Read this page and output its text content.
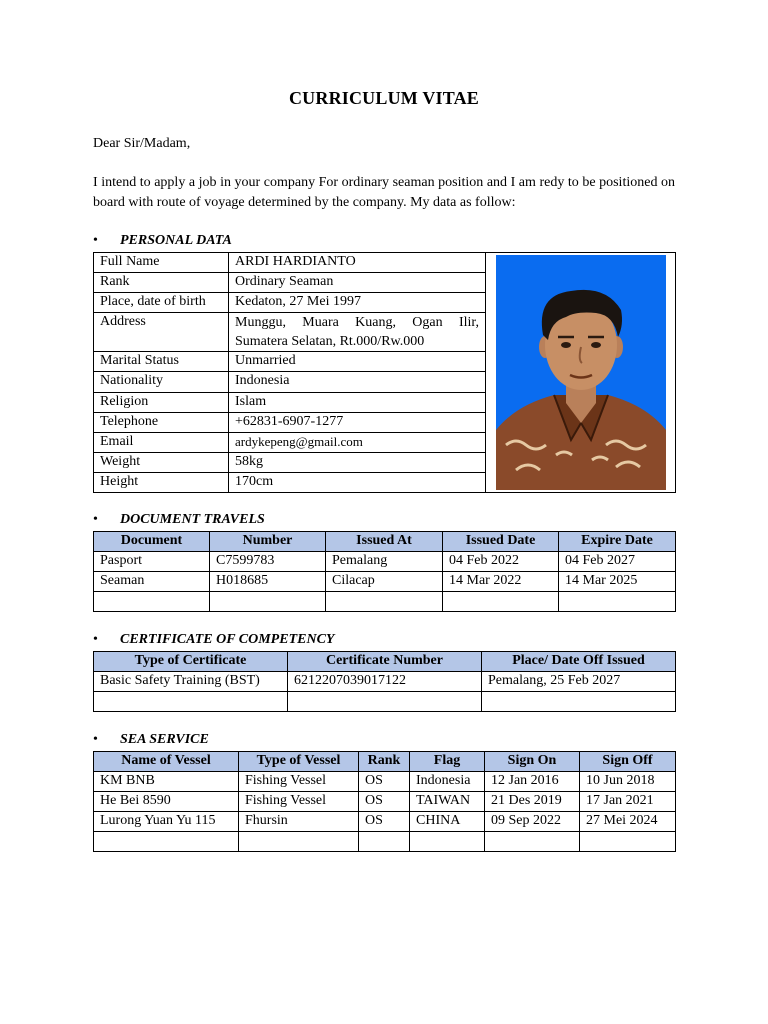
CURRICULUM VITAE
Dear Sir/Madam,
I intend to apply a job in your company For ordinary seaman position and I am redy to be positioned on board with route of voyage determined by the company. My data as follow:
• PERSONAL DATA
Full Name	ARDI HARDIANTO	

Rank	Ordinary Seaman	
Place, date of birth	Kedaton, 27 Mei 1997	
Address	Munggu, Muara Kuang, Ogan Ilir, Sumatera Selatan, Rt.000/Rw.000	
Marital Status	Unmarried	
Nationality	Indonesia	
Religion	Islam	
Telephone	+62831-6907-1277	
Email	ardykepeng@gmail.com	
Weight	58kg	
Height	170cm	
• DOCUMENT TRAVELS
Document	Number	Issued At	Issued Date	Expire Date
Pasport	C7599783	Pemalang	04 Feb 2022	04 Feb 2027
Seaman	H018685	Cilacap	14 Mar 2022	14 Mar 2025

• CERTIFICATE OF COMPETENCY
Type of Certificate	Certificate Number	Place/ Date Off Issued
Basic Safety Training (BST)	6212207039017122	Pemalang, 25 Feb 2027

• SEA SERVICE
Name of Vessel	Type of Vessel	Rank	Flag	Sign On	Sign Off
KM BNB	Fishing Vessel	OS	Indonesia	12 Jan 2016	10 Jun 2018
He Bei 8590	Fishing Vessel	OS	TAIWAN	21 Des 2019	17 Jan 2021
Lurong Yuan Yu 115	Fhursin	OS	CHINA	09 Sep 2022	27 Mei 2024
